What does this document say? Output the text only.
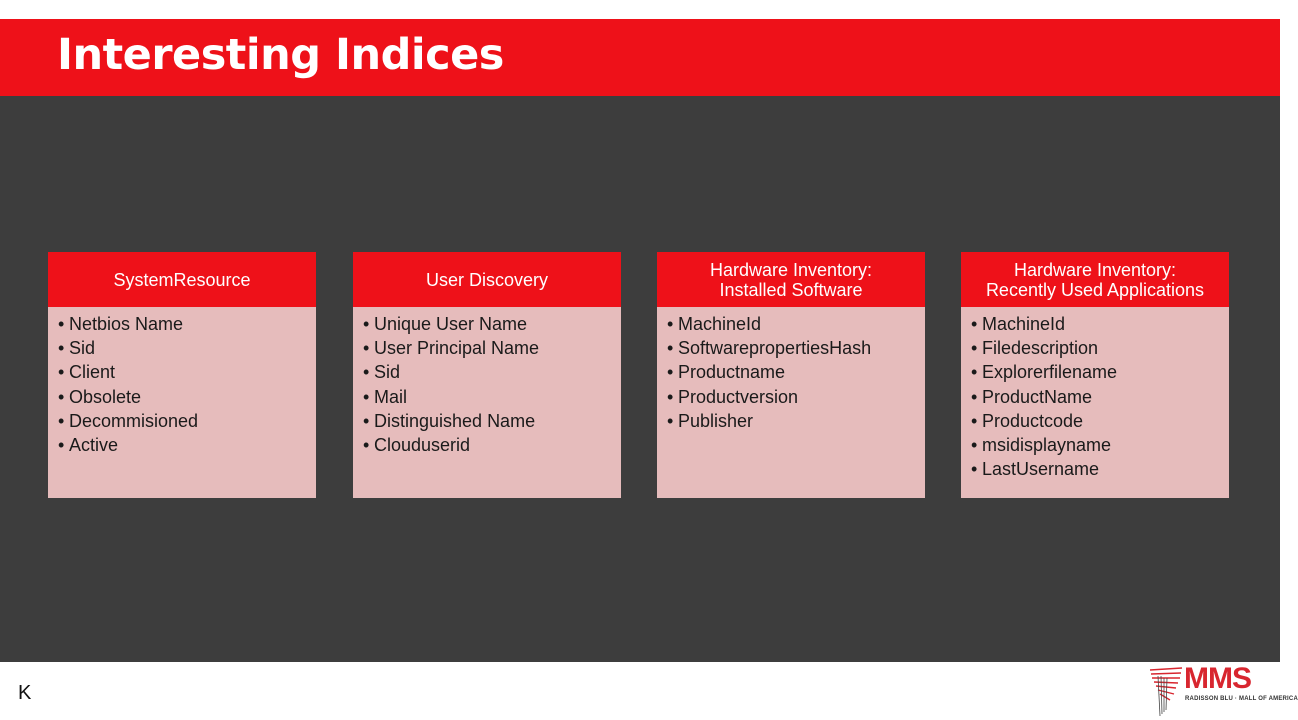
Interesting Indices
SystemResource
• Netbios Name
• Sid
• Client
• Obsolete
• Decommisioned
• Active
User Discovery
• Unique User Name
• User Principal Name
• Sid
• Mail
• Distinguished Name
• Clouduserid
Hardware Inventory:
Installed Software
• MachineId
• SoftwarepropertiesHash
• Productname
• Productversion
• Publisher
Hardware Inventory:
Recently Used Applications
• MachineId
• Filedescription
• Explorerfilename
• ProductName
• Productcode
• msidisplayname
• LastUsername
K	MMS
RADISSON BLU · MALL OF AMERICA
